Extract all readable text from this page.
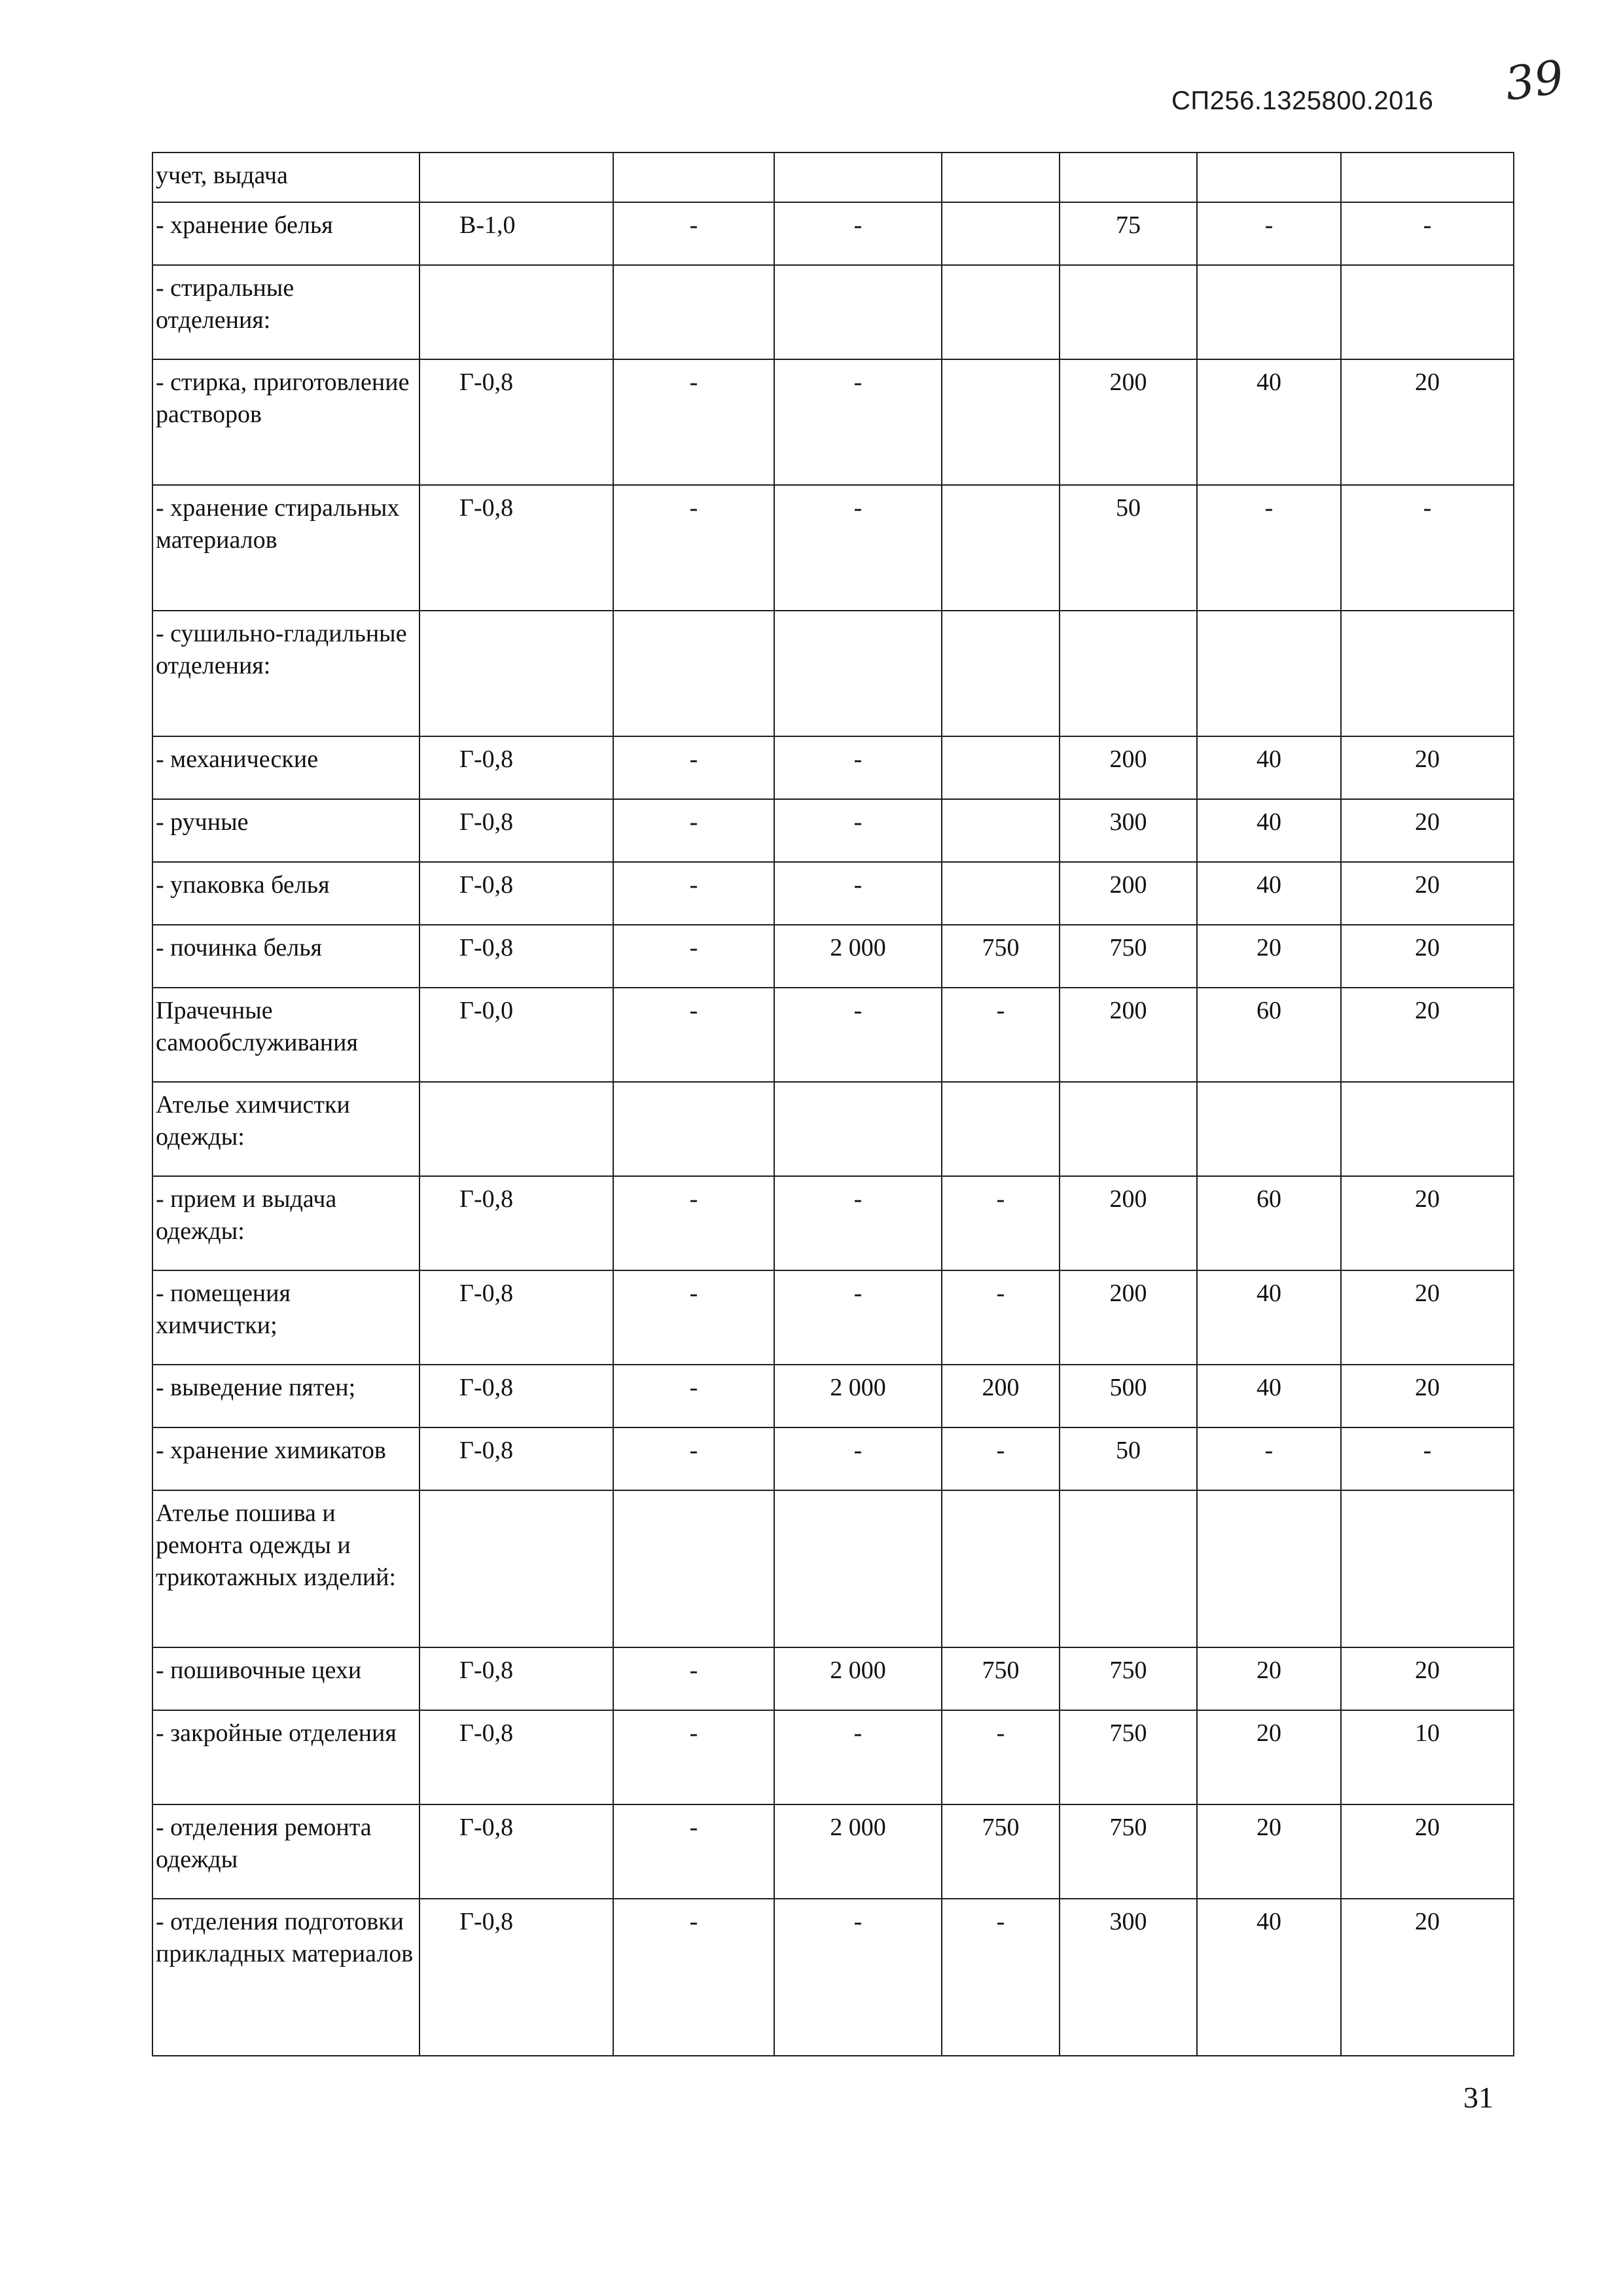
СП256.1325800.2016 39
учет, выдача							
- хранение белья	В-1,0	-	-		75	-	-
- стиральные отделения:							
- стирка, приготовление растворов	Г-0,8	-	-		200	40	20
- хранение стиральных материалов	Г-0,8	-	-		50	-	-
- сушильно-гладильные отделения:							
- механические	Г-0,8	-	-		200	40	20
- ручные	Г-0,8	-	-		300	40	20
- упаковка белья	Г-0,8	-	-		200	40	20
- починка белья	Г-0,8	-	2 000	750	750	20	20
Прачечные самообслуживания	Г-0,0	-	-	-	200	60	20
Ателье химчистки одежды:							
- прием и выдача одежды:	Г-0,8	-	-	-	200	60	20
- помещения химчистки;	Г-0,8	-	-	-	200	40	20
- выведение пятен;	Г-0,8	-	2 000	200	500	40	20
- хранение химикатов	Г-0,8	-	-	-	50	-	-
Ателье пошива и ремонта одежды и трикотажных изделий:							
- пошивочные цехи	Г-0,8	-	2 000	750	750	20	20
- закройные отделения	Г-0,8	-	-	-	750	20	10
- отделения ремонта одежды	Г-0,8	-	2 000	750	750	20	20
- отделения подготовки прикладных материалов	Г-0,8	-	-	-	300	40	20
31
